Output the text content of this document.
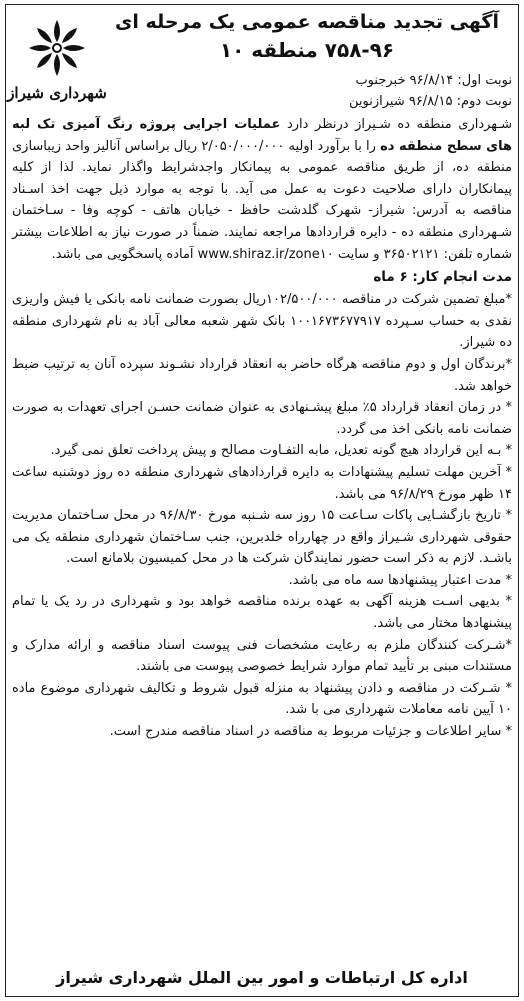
شهرداری شیراز
آگهی تجدید مناقصه عمومی یک مرحله ای
۷۵۸-۹۶ منطقه ۱۰
نوبت اول: ۹۶/۸/۱۴ خبرجنوب
نوبت دوم: ۹۶/۸/۱۵ شیرازنوین

شـهرداری منطقه ده شـیراز درنظر دارد عملیات اجرایی پروژه رنگ آمیزی تک لبه های سطح منطقه ده را با برآورد اولیه ۲/۰۵۰/۰۰۰/۰۰۰ ریال براساس آنالیز واحد زیباسازی منطقه ده، از طریق مناقصه عمومی به پیمانکار واجدشرایط واگذار نماید. لذا از کلیه پیمانکاران دارای صلاحیت دعوت به عمل می آید. با توجه به موارد ذیل جهت اخذ اسـناد مناقصه به آدرس: شیراز- شهرک گلدشت حافظ - خیابان هاتف - کوچه وفا - سـاختمان شـهرداری منطقه ده - دایره قراردادها مراجعه نمایند. ضمناً در صورت نیاز به اطلاعات بیشتر شماره تلفن: ۳۶۵۰۲۱۲۱ و سایت www.shiraz.ir/zone۱۰ آماده پاسخگویی می باشد.

مدت انجام کار: ۶ ماه

*مبلغ تضمین شرکت در مناقصه ۱۰۲/۵۰۰/۰۰۰ریال بصورت ضمانت نامه بانکی یا فیش واریزی نقدی به حساب سـپرده ۱۰۰۱۶۷۳۶۷۷۹۱۷ بانک شهر شعبه معالی آباد به نام شهرداری منطقه ده شیراز.

*برندگان اول و دوم مناقصه هرگاه حاضر به انعقاد قرارداد نشـوند سپرده آنان به ترتیب ضبط خواهد شد.

* در زمان انعقاد قرارداد ۵٪ مبلغ پیشـنهادی به عنوان ضمانت حسـن اجرای تعهدات به صورت ضمانت نامه بانکی اخذ می گردد.

* بـه این قرارداد هیچ گونه تعدیل، مابه التفـاوت مصالح و پیش پرداخت تعلق نمی گیرد.

* آخرین مهلت تسلیم پیشنهادات به دایره قراردادهای شهرداری منطقه ده روز دوشنبه ساعت ۱۴ ظهر مورخ ۹۶/۸/۲۹ می باشد.

* تاریخ بازگشـایی پاکات سـاعت ۱۵ روز سه شـنبه مورخ ۹۶/۸/۳۰ در محل سـاختمان مدیریت حقوقی شهرداری شـیراز واقع در چهارراه خلدبرین، جنب سـاختمان شهرداری منطقه یک می باشـد. لازم به ذکر است حضور نمایندگان شرکت ها در محل کمیسیون بلامانع است.

* مدت اعتبار پیشنهادها سه ماه می باشد.

* بدیهی اسـت هزینه آگهی به عهده برنده مناقصه خواهد بود و شهرداری در رد یک یا تمام پیشنهادها مختار می باشد.

*شـرکت کنندگان ملزم به رعایت مشخصات فنی پیوست اسناد مناقصه و ارائه مدارک و مستندات مبنی بر تأیید تمام موارد شرایط خصوصی پیوست می باشند.

* شـرکت در مناقصه و دادن پیشنهاد به منزله قبول شروط و تکالیف شهرداری موضوع ماده ۱۰ آیین نامه معاملات شهرداری می با شد.

* سایر اطلاعات و جزئیات مربوط به مناقصه در اسناد مناقصه مندرج است.

اداره کل ارتباطات و امور بین الملل شهرداری شیراز
